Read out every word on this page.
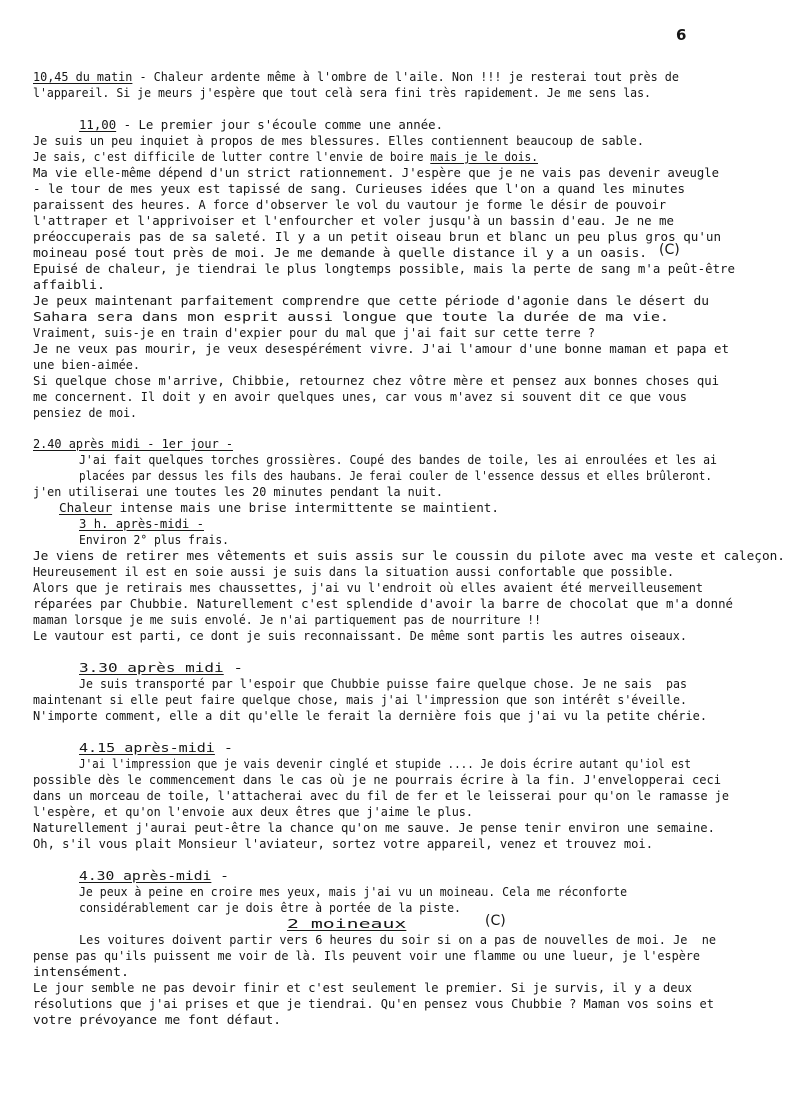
6
10,45 du matin - Chaleur ardente même à l'ombre de l'aile. Non !!! je resterai tout près de
l'appareil. Si je meurs j'espère que tout celà sera fini très rapidement. Je me sens las.
11,00 - Le premier jour s'écoule comme une année.
Je suis un peu inquiet à propos de mes blessures. Elles contiennent beaucoup de sable.
Je sais, c'est difficile de lutter contre l'envie de boire mais je le dois.
Ma vie elle-même dépend d'un strict rationnement. J'espère que je ne vais pas devenir aveugle
- le tour de mes yeux est tapissé de sang. Curieuses idées que l'on a quand les minutes
paraissent des heures. A force d'observer le vol du vautour je forme le désir de pouvoir
l'attraper et l'apprivoiser et l'enfourcher et voler jusqu'à un bassin d'eau. Je ne me
préoccuperais pas de sa saleté. Il y a un petit oiseau brun et blanc un peu plus gros qu'un
moineau posé tout près de moi. Je me demande à quelle distance il y a un oasis. (C)
Epuisé de chaleur, je tiendrai le plus longtemps possible, mais la perte de sang m'a peût-être
affaibli.
Je peux maintenant parfaitement comprendre que cette période d'agonie dans le désert du
Sahara sera dans mon esprit aussi longue que toute la durée de ma vie.
Vraiment, suis-je en train d'expier pour du mal que j'ai fait sur cette terre ?
Je ne veux pas mourir, je veux desespérément vivre. J'ai l'amour d'une bonne maman et papa et
une bien-aimée.
Si quelque chose m'arrive, Chibbie, retournez chez vôtre mère et pensez aux bonnes choses qui
me concernent. Il doit y en avoir quelques unes, car vous m'avez si souvent dit ce que vous
pensiez de moi.
2.40 après midi - 1er jour -
J'ai fait quelques torches grossières. Coupé des bandes de toile, les ai enroulées et les ai
placées par dessus les fils des haubans. Je ferai couler de l'essence dessus et elles brûleront.
j'en utiliserai une toutes les 20 minutes pendant la nuit.
Chaleur intense mais une brise intermittente se maintient.
3 h. après-midi -
Environ 2° plus frais.
Je viens de retirer mes vêtements et suis assis sur le coussin du pilote avec ma veste et caleçon.
Heureusement il est en soie aussi je suis dans la situation aussi confortable que possible.
Alors que je retirais mes chaussettes, j'ai vu l'endroit où elles avaient été merveilleusement
réparées par Chubbie. Naturellement c'est splendide d'avoir la barre de chocolat que m'a donné
maman lorsque je me suis envolé. Je n'ai partiquement pas de nourriture !!
Le vautour est parti, ce dont je suis reconnaissant. De même sont partis les autres oiseaux.
3.30 après midi -
Je suis transporté par l'espoir que Chubbie puisse faire quelque chose. Je ne sais  pas
maintenant si elle peut faire quelque chose, mais j'ai l'impression que son intérêt s'éveille.
N'importe comment, elle a dit qu'elle le ferait la dernière fois que j'ai vu la petite chérie.
4.15 après-midi -
J'ai l'impression que je vais devenir cinglé et stupide .... Je dois écrire autant qu'iol est
possible dès le commencement dans le cas où je ne pourrais écrire à la fin. J'envelopperai ceci
dans un morceau de toile, l'attacherai avec du fil de fer et le leisserai pour qu'on le ramasse je
l'espère, et qu'on l'envoie aux deux êtres que j'aime le plus.
Naturellement j'aurai peut-être la chance qu'on me sauve. Je pense tenir environ une semaine.
Oh, s'il vous plait Monsieur l'aviateur, sortez votre appareil, venez et trouvez moi.
4.30 après-midi -
Je peux à peine en croire mes yeux, mais j'ai vu un moineau. Cela me réconforte
considérablement car je dois être à portée de la piste.
2 moineaux	(C)
Les voitures doivent partir vers 6 heures du soir si on a pas de nouvelles de moi. Je  ne
pense pas qu'ils puissent me voir de là. Ils peuvent voir une flamme ou une lueur, je l'espère
intensément.
Le jour semble ne pas devoir finir et c'est seulement le premier. Si je survis, il y a deux
résolutions que j'ai prises et que je tiendrai. Qu'en pensez vous Chubbie ? Maman vos soins et
votre prévoyance me font défaut.
